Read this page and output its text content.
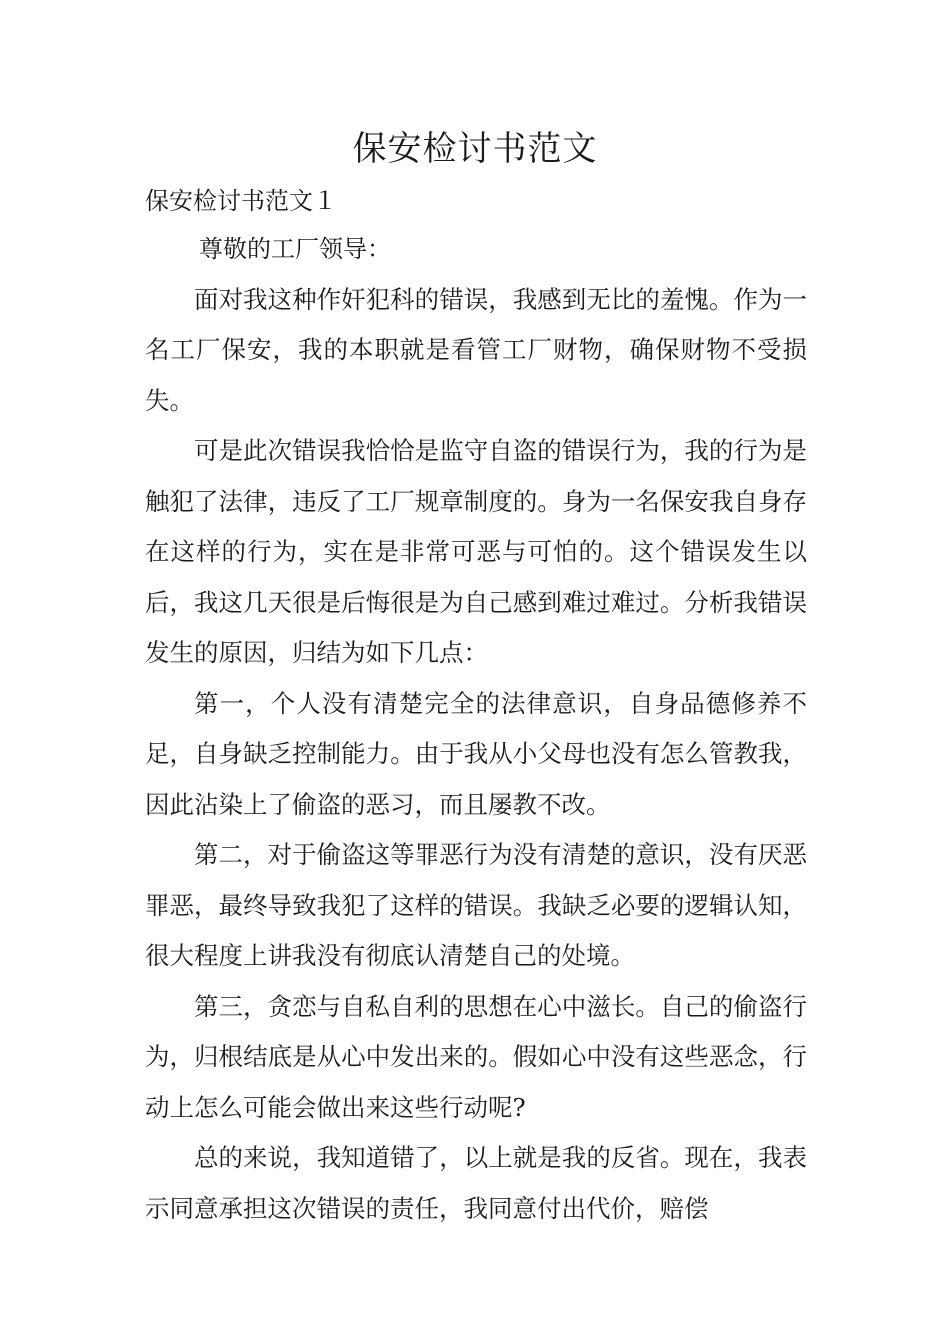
保安检讨书范文

保安检讨书范文１

尊敬的工厂领导：

面对我这种作奸犯科的错误，我感到无比的羞愧。作为一名工厂保安，我的本职就是看管工厂财物，确保财物不受损失。

可是此次错误我恰恰是监守自盗的错误行为，我的行为是触犯了法律，违反了工厂规章制度的。身为一名保安我自身存在这样的行为，实在是非常可恶与可怕的。这个错误发生以后，我这几天很是后悔很是为自己感到难过难过。分析我错误发生的原因，归结为如下几点：

第一，个人没有清楚完全的法律意识，自身品德修养不足，自身缺乏控制能力。由于我从小父母也没有怎么管教我，因此沾染上了偷盗的恶习，而且屡教不改。

第二，对于偷盗这等罪恶行为没有清楚的意识，没有厌恶罪恶，最终导致我犯了这样的错误。我缺乏必要的逻辑认知，很大程度上讲我没有彻底认清楚自己的处境。

第三，贪恋与自私自利的思想在心中滋长。自己的偷盗行为，归根结底是从心中发出来的。假如心中没有这些恶念，行动上怎么可能会做出来这些行动呢?

总的来说，我知道错了，以上就是我的反省。现在，我表示同意承担这次错误的责任，我同意付出代价，赔偿
